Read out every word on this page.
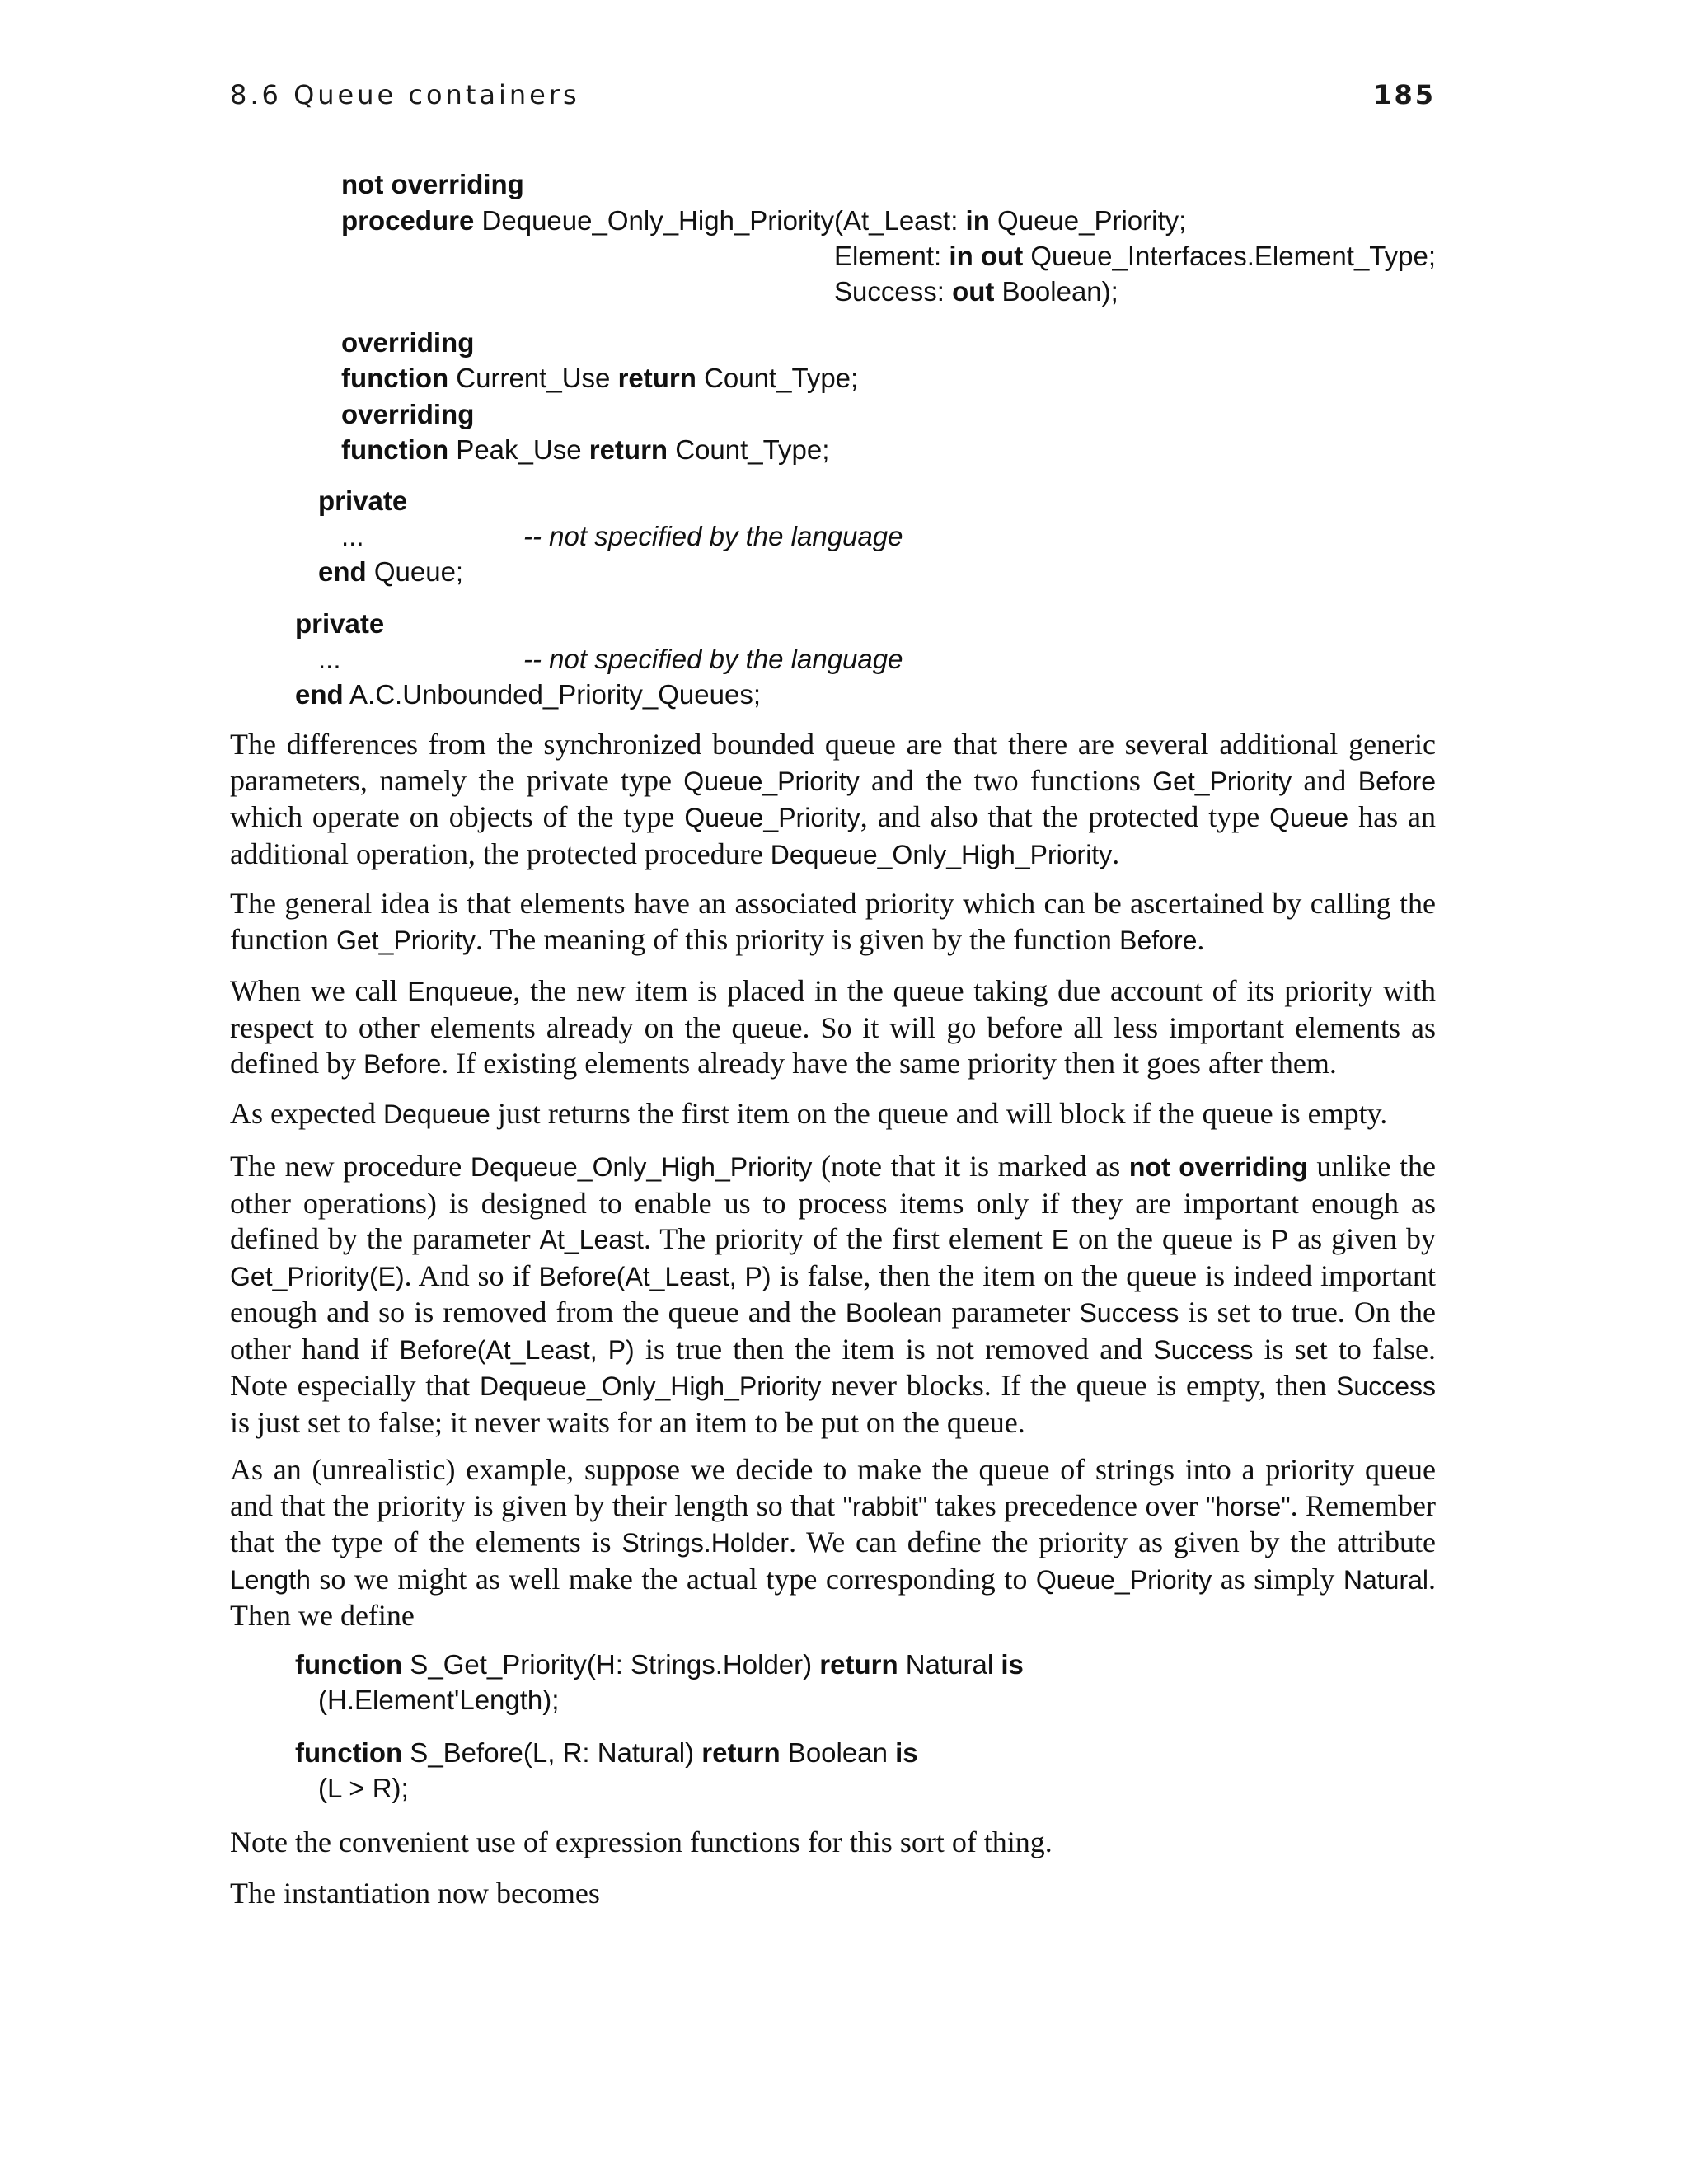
8.6 Queue containers	185

not overriding

procedure Dequeue_Only_High_Priority(At_Least: in Queue_Priority;

Element: in out Queue_Interfaces.Element_Type;

Success: out Boolean);

overriding

function Current_Use return Count_Type;

overriding

function Peak_Use return Count_Type;

private

...

	-- not specified by the language

end Queue;

private

...

	-- not specified by the language

end A.C.Unbounded_Priority_Queues;

The differences from the synchronized bounded queue are that there are several additional generic parameters, namely the private type Queue_Priority and the two functions Get_Priority and Before which operate on objects of the type Queue_Priority, and also that the protected type Queue has an additional operation, the protected procedure Dequeue_Only_High_Priority.

The general idea is that elements have an associated priority which can be ascertained by calling the function Get_Priority. The meaning of this priority is given by the function Before.

When we call Enqueue, the new item is placed in the queue taking due account of its priority with respect to other elements already on the queue. So it will go before all less important elements as defined by Before. If existing elements already have the same priority then it goes after them.

As expected Dequeue just returns the first item on the queue and will block if the queue is empty.

The new procedure Dequeue_Only_High_Priority (note that it is marked as not overriding unlike the other operations) is designed to enable us to process items only if they are important enough as defined by the parameter At_Least. The priority of the first element E on the queue is P as given by Get_Priority(E). And so if Before(At_Least, P) is false, then the item on the queue is indeed important enough and so is removed from the queue and the Boolean parameter Success is set to true. On the other hand if Before(At_Least, P) is true then the item is not removed and Success is set to false. Note especially that Dequeue_Only_High_Priority never blocks. If the queue is empty, then Success is just set to false; it never waits for an item to be put on the queue.

As an (unrealistic) example, suppose we decide to make the queue of strings into a priority queue and that the priority is given by their length so that "rabbit" takes precedence over "horse". Remember that the type of the elements is Strings.Holder. We can define the priority as given by the attribute Length so we might as well make the actual type corresponding to Queue_Priority as simply Natural. Then we define

function S_Get_Priority(H: Strings.Holder) return Natural is

(H.Element'Length);

function S_Before(L, R: Natural) return Boolean is

(L > R);

Note the convenient use of expression functions for this sort of thing.

The instantiation now becomes
